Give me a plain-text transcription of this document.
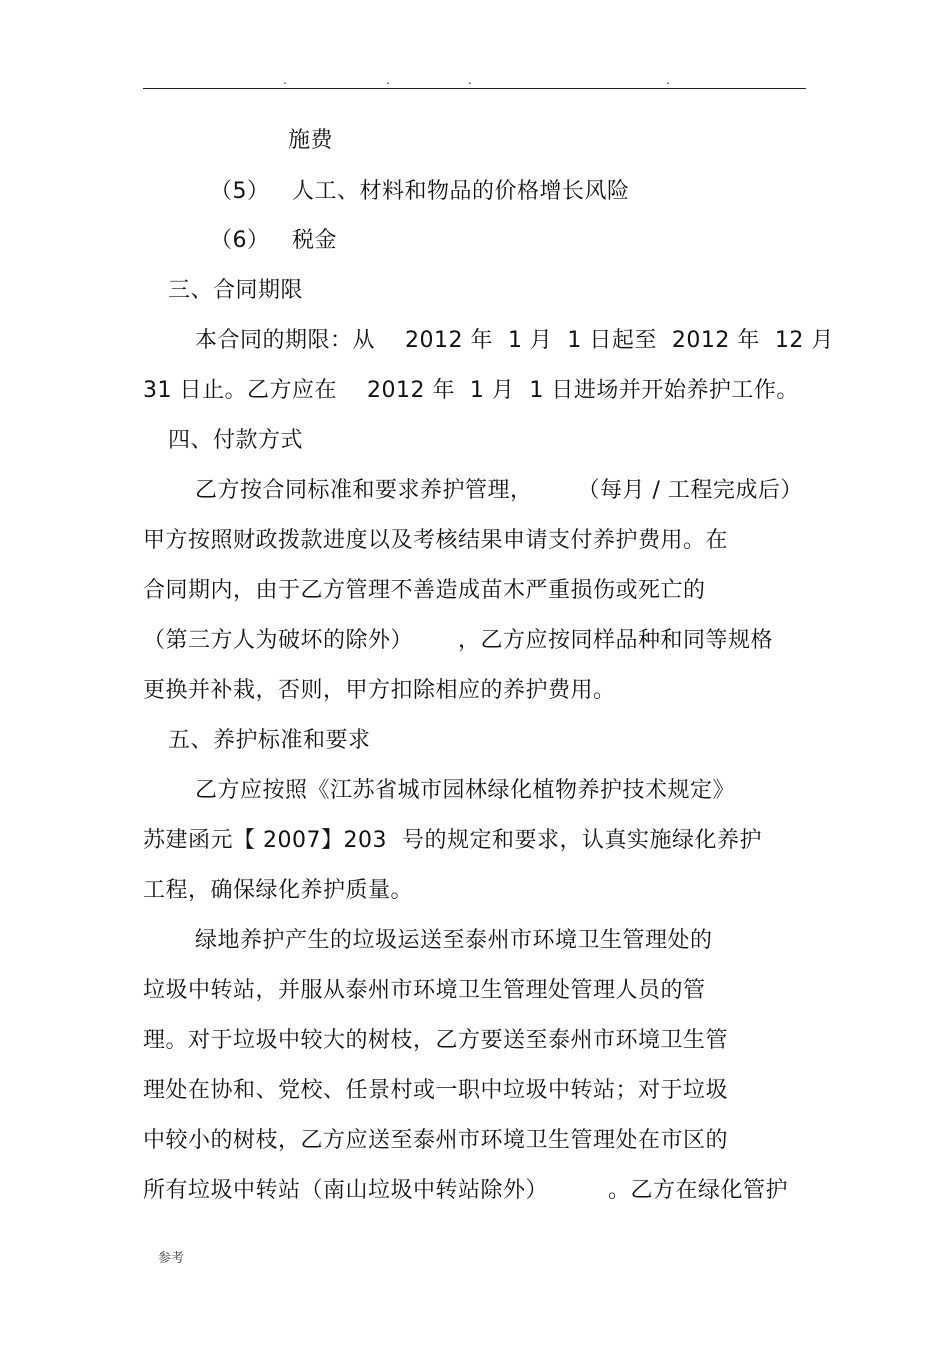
.	.	.	.
施费
（5）   人工、材料和物品的价格增长风险
（6）   税金
三、合同期限
本合同的期限：从    2012 年  1 月  1 日起至  2012 年  12 月
31 日止。乙方应在    2012 年  1 月  1 日进场并开始养护工作。
四、付款方式
乙方按合同标准和要求养护管理，      （每月 / 工程完成后）
甲方按照财政拨款进度以及考核结果申请支付养护费用。在
合同期内，由于乙方管理不善造成苗木严重损伤或死亡的
（第三方人为破坏的除外）      ，乙方应按同样品种和同等规格
更换并补栽，否则，甲方扣除相应的养护费用。
五、养护标准和要求
乙方应按照《江苏省城市园林绿化植物养护技术规定》
苏建函元【 2007】203  号的规定和要求，认真实施绿化养护
工程，确保绿化养护质量。
绿地养护产生的垃圾运送至泰州市环境卫生管理处的
垃圾中转站，并服从泰州市环境卫生管理处管理人员的管
理。对于垃圾中较大的树枝，乙方要送至泰州市环境卫生管
理处在协和、党校、任景村或一职中垃圾中转站；对于垃圾
中较小的树枝，乙方应送至泰州市环境卫生管理处在市区的
所有垃圾中转站（南山垃圾中转站除外）        。乙方在绿化管护
参考
